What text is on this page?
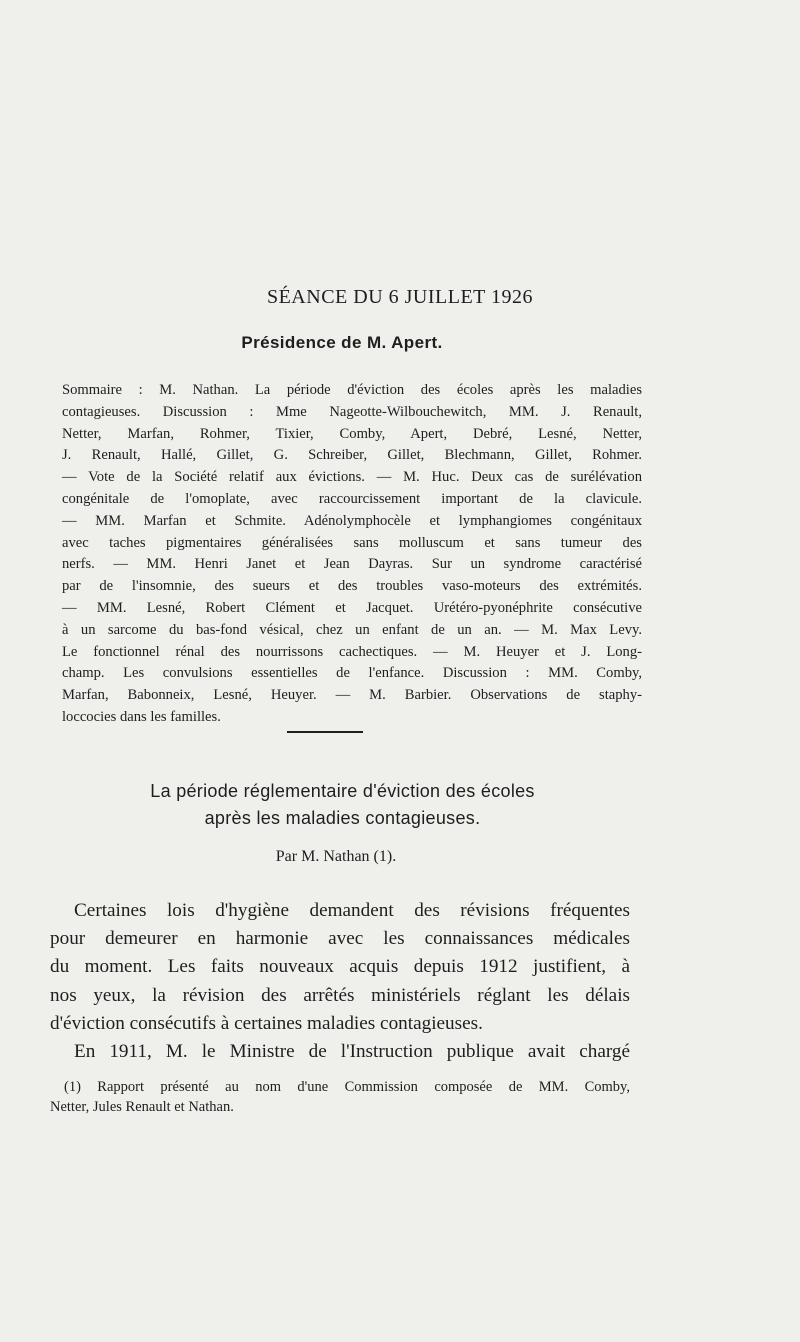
SÉANCE DU 6 JUILLET 1926
Présidence de M. Apert.
Sommaire : M. Nathan. La période d'éviction des écoles après les maladies
contagieuses. Discussion : Mme Nageotte-Wilbouchewitch, MM. J. Renault,
Netter, Marfan, Rohmer, Tixier, Comby, Apert, Debré, Lesné, Netter,
J. Renault, Hallé, Gillet, G. Schreiber, Gillet, Blechmann, Gillet, Rohmer.
— Vote de la Société relatif aux évictions. — M. Huc. Deux cas de surélévation
congénitale de l'omoplate, avec raccourcissement important de la clavicule.
— MM. Marfan et Schmite. Adénolymphocèle et lymphangiomes congénitaux
avec taches pigmentaires généralisées sans molluscum et sans tumeur des
nerfs. — MM. Henri Janet et Jean Dayras. Sur un syndrome caractérisé
par de l'insomnie, des sueurs et des troubles vaso-moteurs des extrémités.
— MM. Lesné, Robert Clément et Jacquet. Urétéro-pyonéphrite consécutive
à un sarcome du bas-fond vésical, chez un enfant de un an. — M. Max Levy.
Le fonctionnel rénal des nourrissons cachectiques. — M. Heuyer et J. Long-
champ. Les convulsions essentielles de l'enfance. Discussion : MM. Comby,
Marfan, Babonneix, Lesné, Heuyer. — M. Barbier. Observations de staphy-
loccocies dans les familles.
La période réglementaire d'éviction des écoles
après les maladies contagieuses.
Par M. Nathan (1).
Certaines lois d'hygiène demandent des révisions fréquentes
pour demeurer en harmonie avec les connaissances médicales
du moment. Les faits nouveaux acquis depuis 1912 justifient, à
nos yeux, la révision des arrêtés ministériels réglant les délais
d'éviction consécutifs à certaines maladies contagieuses.
En 1911, M. le Ministre de l'Instruction publique avait chargé
(1) Rapport présenté au nom d'une Commission composée de MM. Comby,
Netter, Jules Renault et Nathan.
